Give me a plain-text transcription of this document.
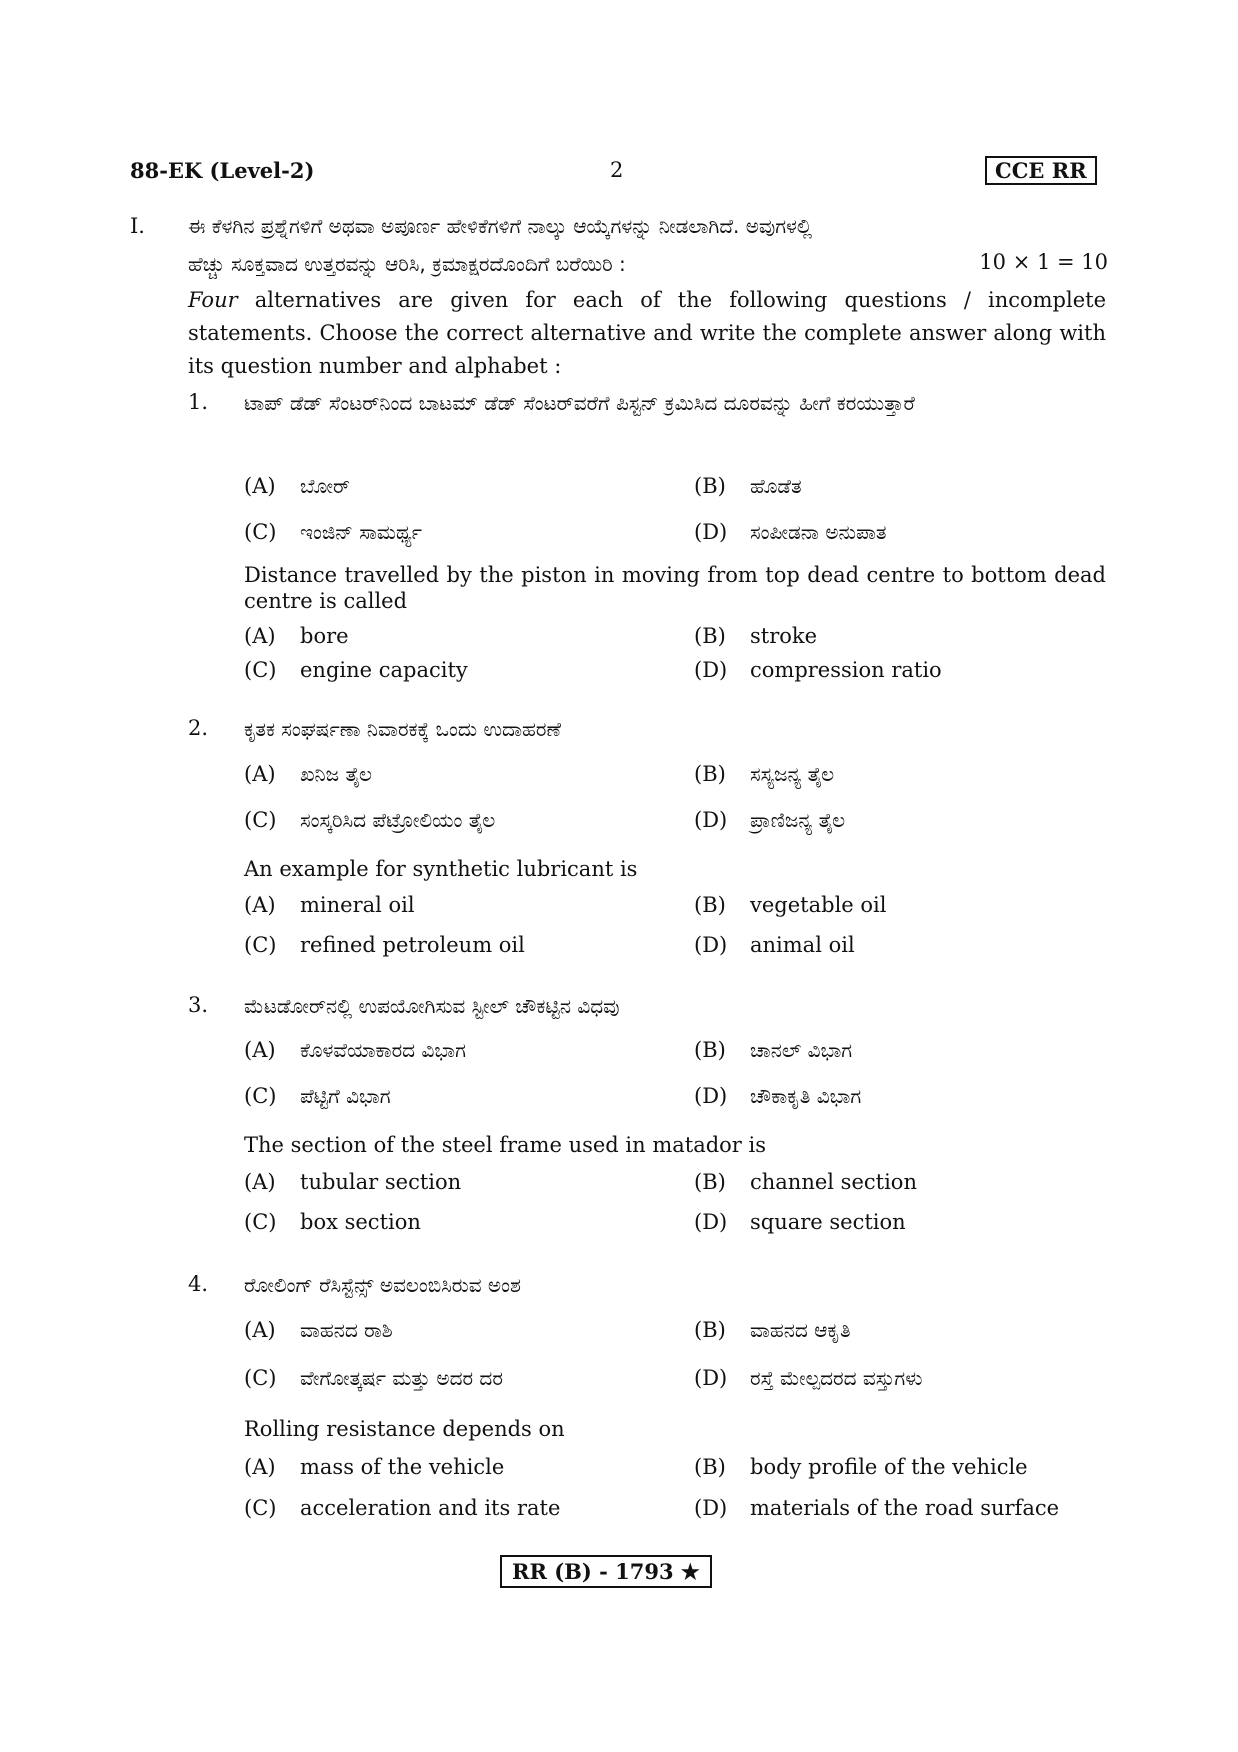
88-EK (Level-2)	2	CCE RR
I. ಈ ಕೆಳಗಿನ ಪ್ರಶ್ನೆಗಳಿಗೆ ಅಥವಾ ಅಪೂರ್ಣ ಹೇಳಿಕೆಗಳಿಗೆ ನಾಲ್ಕು ಆಯ್ಕೆಗಳನ್ನು ನೀಡಲಾಗಿದೆ. ಅವುಗಳಲ್ಲಿ
ಹೆಚ್ಚು ಸೂಕ್ತವಾದ ಉತ್ತರವನ್ನು ಆರಿಸಿ, ಕ್ರಮಾಕ್ಷರದೊಂದಿಗೆ ಬರೆಯಿರಿ :	10 × 1 = 10
Four alternatives are given for each of the following questions / incomplete statements. Choose the correct alternative and write the complete answer along with its question number and alphabet :
1. ಟಾಪ್ ಡೆಡ್ ಸೆಂಟರ್‌ನಿಂದ ಬಾಟಮ್ ಡೆಡ್ ಸೆಂಟರ್‌ವರೆಗೆ ಪಿಸ್ಟನ್ ಕ್ರಮಿಸಿದ ದೂರವನ್ನು ಹೀಗೆ ಕರಯುತ್ತಾರೆ
(A) ಬೋರ್	(B) ಹೊಡೆತ
(C) ಇಂಜಿನ್ ಸಾಮರ್ಥ್ಯ	(D) ಸಂಪೀಡನಾ ಅನುಪಾತ
Distance travelled by the piston in moving from top dead centre to bottom dead centre is called
(A) bore	(B) stroke
(C) engine capacity	(D) compression ratio
2. ಕೃತಕ ಸಂಘರ್ಷಣಾ ನಿವಾರಕಕ್ಕೆ ಒಂದು ಉದಾಹರಣೆ
(A) ಖನಿಜ ತೈಲ	(B) ಸಸ್ಯಜನ್ಯ ತೈಲ
(C) ಸಂಸ್ಕರಿಸಿದ ಪೆಟ್ರೋಲಿಯಂ ತೈಲ	(D) ಪ್ರಾಣಿಜನ್ಯ ತೈಲ
An example for synthetic lubricant is
(A) mineral oil	(B) vegetable oil
(C) refined petroleum oil	(D) animal oil
3. ಮೆಟಡೋರ್‌ನಲ್ಲಿ ಉಪಯೋಗಿಸುವ ಸ್ಟೀಲ್ ಚೌಕಟ್ಟಿನ ವಿಧವು
(A) ಕೊಳವೆಯಾಕಾರದ ವಿಭಾಗ	(B) ಚಾನಲ್ ವಿಭಾಗ
(C) ಪೆಟ್ಟಿಗೆ ವಿಭಾಗ	(D) ಚೌಕಾಕೃತಿ ವಿಭಾಗ
The section of the steel frame used in matador is
(A) tubular section	(B) channel section
(C) box section	(D) square section
4. ರೋಲಿಂಗ್ ರೆಸಿಸ್ಟೆನ್ಸ್ ಅವಲಂಬಿಸಿರುವ ಅಂಶ
(A) ವಾಹನದ ರಾಶಿ	(B) ವಾಹನದ ಆಕೃತಿ
(C) ವೇಗೋತ್ಕರ್ಷ ಮತ್ತು ಅದರ ದರ	(D) ರಸ್ತೆ ಮೇಲ್ಪದರದ ವಸ್ತುಗಳು
Rolling resistance depends on
(A) mass of the vehicle	(B) body profile of the vehicle
(C) acceleration and its rate	(D) materials of the road surface
RR (B) - 1793 ★
